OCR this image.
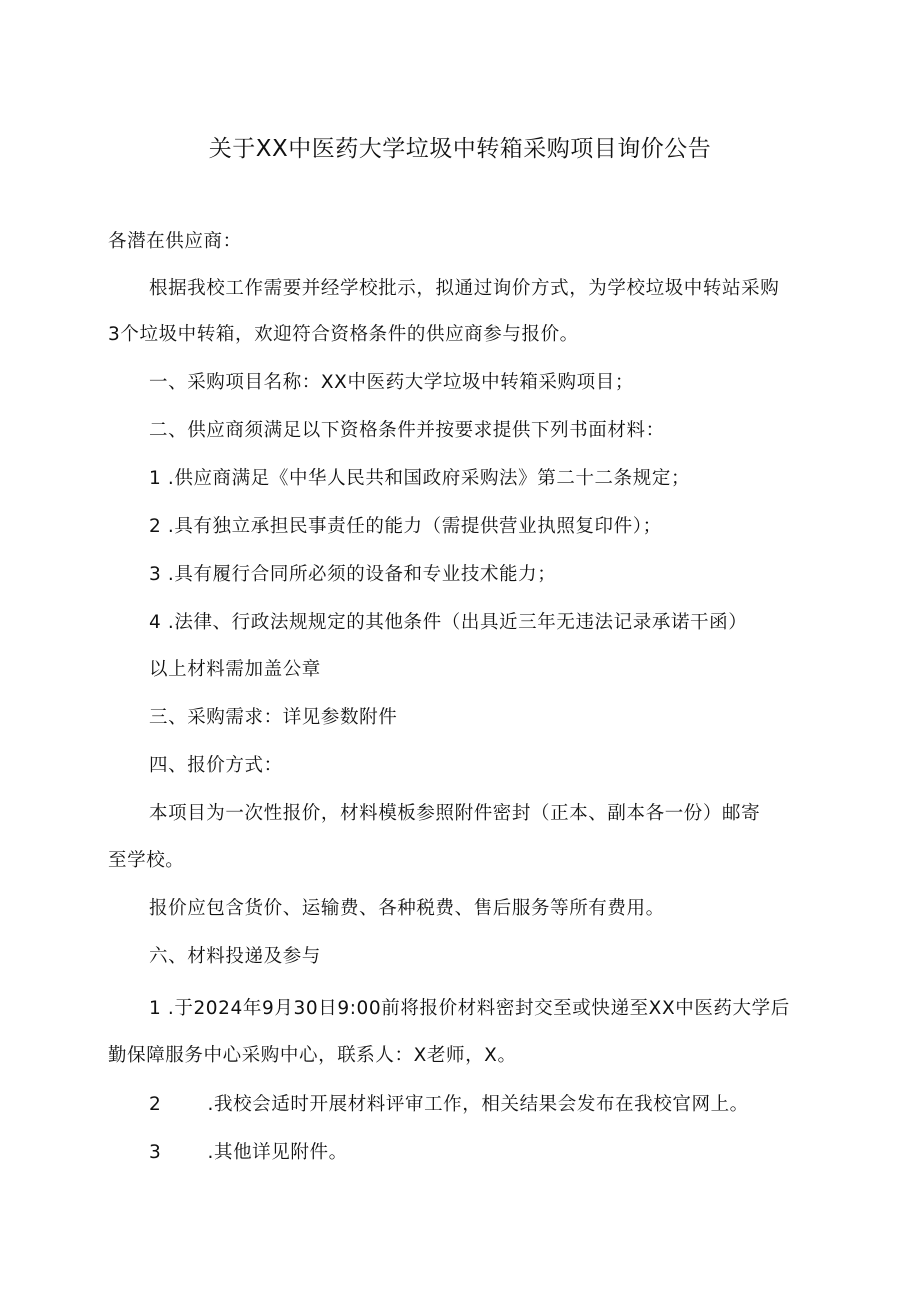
关于XX中医药大学垃圾中转箱采购项目询价公告
各潜在供应商：
根据我校工作需要并经学校批示，拟通过询价方式，为学校垃圾中转站采购
3个垃圾中转箱，欢迎符合资格条件的供应商参与报价。
一、采购项目名称：XX中医药大学垃圾中转箱采购项目；
二、供应商须满足以下资格条件并按要求提供下列书面材料：
1 .供应商满足《中华人民共和国政府采购法》第二十二条规定；
2 .具有独立承担民事责任的能力（需提供营业执照复印件）；
3 .具有履行合同所必须的设备和专业技术能力；
4 .法律、行政法规规定的其他条件（出具近三年无违法记录承诺干函）
以上材料需加盖公章
三、采购需求：详见参数附件
四、报价方式：
本项目为一次性报价，材料模板参照附件密封（正本、副本各一份）邮寄
至学校。
报价应包含货价、运输费、各种税费、售后服务等所有费用。
六、材料投递及参与
1 .于2024年9月30日9:00前将报价材料密封交至或快递至XX中医药大学后
勤保障服务中心采购中心，联系人：X老师，X。
2 .我校会适时开展材料评审工作，相关结果会发布在我校官网上。
3 .其他详见附件。
